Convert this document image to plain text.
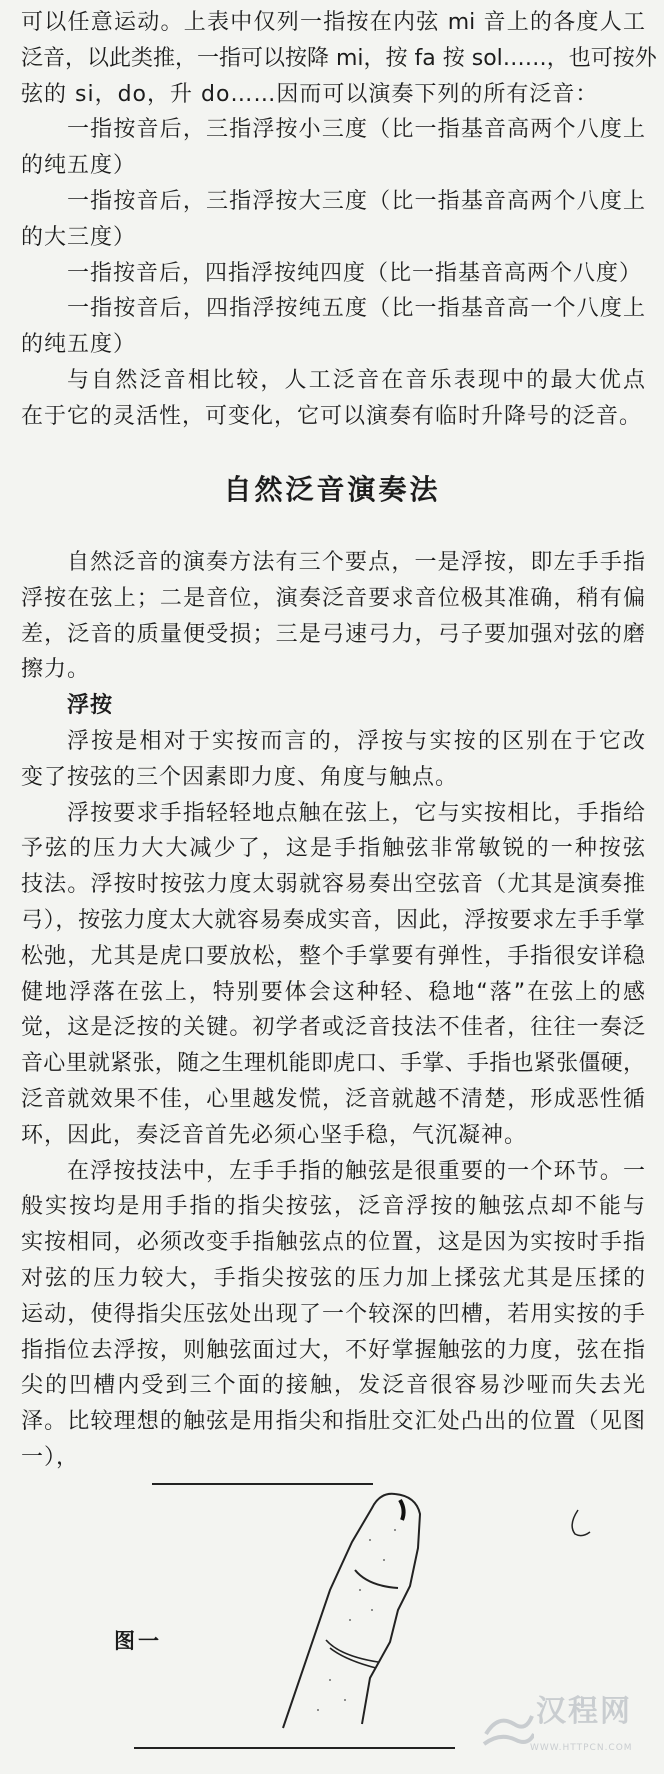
可以任意运动。上表中仅列一指按在内弦 mi 音上的各度人工
泛音，以此类推，一指可以按降 mi，按 fa 按 sol……，也可按外
弦的 si，do，升 do……因而可以演奏下列的所有泛音：
一指按音后，三指浮按小三度（比一指基音高两个八度上
的纯五度）
一指按音后，三指浮按大三度（比一指基音高两个八度上
的大三度）
一指按音后，四指浮按纯四度（比一指基音高两个八度）
一指按音后，四指浮按纯五度（比一指基音高一个八度上
的纯五度）
与自然泛音相比较，人工泛音在音乐表现中的最大优点
在于它的灵活性，可变化，它可以演奏有临时升降号的泛音。
自然泛音演奏法
自然泛音的演奏方法有三个要点，一是浮按，即左手手指
浮按在弦上；二是音位，演奏泛音要求音位极其准确，稍有偏
差，泛音的质量便受损；三是弓速弓力，弓子要加强对弦的磨
擦力。
浮按
浮按是相对于实按而言的，浮按与实按的区别在于它改
变了按弦的三个因素即力度、角度与触点。
浮按要求手指轻轻地点触在弦上，它与实按相比，手指给
予弦的压力大大减少了，这是手指触弦非常敏锐的一种按弦
技法。浮按时按弦力度太弱就容易奏出空弦音（尤其是演奏推
弓），按弦力度太大就容易奏成实音，因此，浮按要求左手手掌
松弛，尤其是虎口要放松，整个手掌要有弹性，手指很安详稳
健地浮落在弦上，特别要体会这种轻、稳地“落”在弦上的感
觉，这是泛按的关键。初学者或泛音技法不佳者，往往一奏泛
音心里就紧张，随之生理机能即虎口、手掌、手指也紧张僵硬，
泛音就效果不佳，心里越发慌，泛音就越不清楚，形成恶性循
环，因此，奏泛音首先必须心坚手稳，气沉凝神。
在浮按技法中，左手手指的触弦是很重要的一个环节。一
般实按均是用手指的指尖按弦，泛音浮按的触弦点却不能与
实按相同，必须改变手指触弦点的位置，这是因为实按时手指
对弦的压力较大，手指尖按弦的压力加上揉弦尤其是压揉的
运动，使得指尖压弦处出现了一个较深的凹槽，若用实按的手
指指位去浮按，则触弦面过大，不好掌握触弦的力度，弦在指
尖的凹槽内受到三个面的接触，发泛音很容易沙哑而失去光
泽。比较理想的触弦是用指尖和指肚交汇处凸出的位置（见图
一），
图一
汉程网
WWW.HTTPCN.COM
